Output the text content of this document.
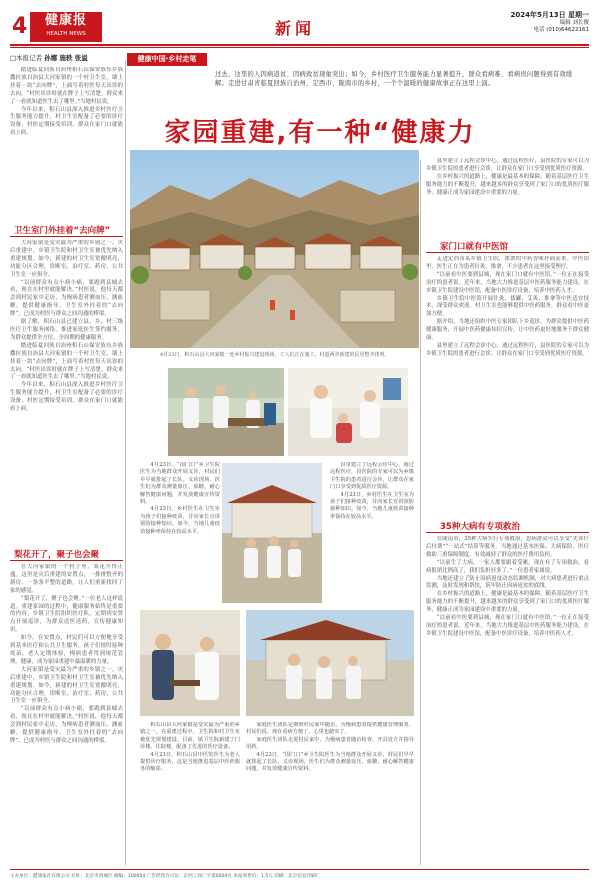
4	健康报
HEALTH NEWS	新闻
2024年5月13日 星期一
编辑 刘长俊
电话 (010)64622161
□本报记者 孙娜 施轶 张溢	健康中国·乡村走笔
过去，这里的人因病返贫、因病致贫现象突出；如今，乡村医疗卫生服务能力显著提升，群众看病难、看病贵问题得到有效缓解。走进甘肃省临夏回族自治州、定西市、陇南市的乡村，一个个温暖的健康故事正在这里上演。
家园重建,有一种“健康力

踏进临夏回族自治州积石山保安族东乡族撒拉族自治县大河家镇的一个村卫生室，墙上挂着一块“去向牌”，上面写着村医每天出诊的去向。“村医出诊时就在牌子上写清楚，群众来了一看就知道医生去了哪里。”当地村民说。

今年以来，积石山县深入推进乡村医疗卫生服务能力提升，村卫生室配备了必要的诊疗设备，村医定期接受培训，群众在家门口就能看上病。

卫生室门外挂着“去向牌”

大河家镇是受灾最为严重的乡镇之一。灾后重建中，乡镇卫生院和村卫生室被优先纳入重建规划。如今，新建的村卫生室宽敞明亮，功能分区合理，诊断室、治疗室、药房、公共卫生室一应俱全。

“以前群众有点小病小痛，要跑到县城去看，现在在村里就能解决。”村医说，他每天都会到村民家中走访，为慢病患者测血压、测血糖，提供健康指导。卫生室外挂着的“去向牌”，已成为村医与群众之间沟通的桥梁。

据了解，积石山县已建立县、乡、村三级医疗卫生服务网络，推进家庭医生签约服务，为群众提供全方位、全周期的健康服务。

踏进临夏回族自治州积石山保安族东乡族撒拉族自治县大河家镇的一个村卫生室，墙上挂着一块“去向牌”，上面写着村医每天出诊的去向。“村医出诊时就在牌子上写清楚，群众来了一看就知道医生去了哪里。”当地村民说。

今年以来，积石山县深入推进乡村医疗卫生服务能力提升，村卫生室配备了必要的诊疗设备，村医定期接受培训，群众在家门口就能看上病。

梨花开了，聚子也会聚

在大河家镇的一个村子里，梨花开得正盛。这里是灾后重建的安置点，一排排整齐的新房，一条条平整的道路，让人们重新找回了家的感觉。

“梨花开了，聚子也会聚。”一位老人这样说道。重建家园的过程中，健康服务始终是重要的内容。乡镇卫生院组织医疗队，定期到安置点开展巡诊，为群众送医送药，宣传健康知识。

如今，在安置点，村民们可以方便地享受到基本医疗和公共卫生服务，孩子们按时接种疫苗，老人定期体检，慢病患者得到规范管理。健康，成为家园重建中最温暖的力量。

大河家镇是受灾最为严重的乡镇之一。灾后重建中，乡镇卫生院和村卫生室被优先纳入重建规划。如今，新建的村卫生室宽敞明亮，功能分区合理，诊断室、治疗室、药房、公共卫生室一应俱全。

“以前群众有点小病小痛，要跑到县城去看，现在在村里就能解决。”村医说，他每天都会到村民家中走访，为慢病患者测血压、测血糖，提供健康指导。卫生室外挂着的“去向牌”，已成为村医与群众之间沟通的桥梁。

4月23日，积石山县大河家镇一处乡村振兴建设现场，工人们正在施工，村道两旁新建的民居整齐排列。

4月23日，“国门口”乡卫生院医生为当地群众开展义诊，村民们早早就排起了长队。义诊现场，医生们为群众测量血压、血糖，耐心解答健康问题，并发放健康宣传资料。

4月23日，乡村医生在卫生室为孩子们接种疫苗，并向家长宣讲预防接种知识。如今，当地儿童疫苗接种率保持在较高水平。

县里建立了远程会诊中心，通过远程医疗，县医院的专家可以为乡镇卫生院的患者进行会诊，让群众在家门口享受到优质医疗资源。

4月23日，乡村医生在卫生室为孩子们接种疫苗，并向家长宣讲预防接种知识。如今，当地儿童疫苗接种率保持在较高水平。

积石山县大河家镇是受灾最为严重的乡镇之一，在重建过程中，卫生院和村卫生室被优先规划建设。目前，镇卫生院新建了门诊楼、住院楼，配备了先进的医疗设备。

4月23日，积石山县中医馆医生为老人提供诊疗服务，这是当地推进基层中医药服务的缩影。

家庭医生团队定期到村民家中随访，为慢病患者提供健康管理服务。村民们说，现在看病方便了，心里也踏实了。

家庭医生团队走进村民家中，为慢病患者随访检查、开具处方并指导用药。

4月23日，“国门口”乡卫生院医生为当地群众开展义诊，村民们早早就排起了长队。义诊现场，医生们为群众测量血压、血糖，耐心解答健康问题，并发放健康宣传资料。

县里建立了远程会诊中心，通过远程医疗，县医院的专家可以为乡镇卫生院的患者进行会诊，让群众在家门口享受到优质医疗资源。

在乡村振兴的道路上，健康是最基本的保障。随着基层医疗卫生服务能力的不断提升，越来越多的群众享受到了家门口的优质医疗服务，健康正成为家园建设中重要的力量。

家门口就有中医馆

走进定西市某乡镇卫生院，浓浓的中药香味扑面而来。中医馆里，医生正在为患者针灸、推拿，不少患者在这里接受理疗。

“以前看中医要到县城，现在家门口就有中医馆。”一位正在接受治疗的患者说。近年来，当地大力推进基层中医药服务能力建设，在乡镇卫生院建设中医馆，配备中医诊疗设备，培养中医药人才。

乡镇卫生院中医馆开展针灸、拔罐、艾灸、推拿等中医适宜技术，深受群众欢迎。村卫生室也能够提供中医药服务，群众看中医更加方便。

据介绍，当地还组织中医专家团队下乡巡诊，为群众提供中医药健康服务，开展中医药健康知识宣传，让中医药更好地服务于群众健康。

县里建立了远程会诊中心，通过远程医疗，县医院的专家可以为乡镇卫生院的患者进行会诊，让群众在家门口享受到优质医疗资源。

35种大病有专项救治

在陇南市，35种大病实行专项救治，患病群众可以享受“先诊疗后付费”“一站式”结算等服务。当地通过基本医保、大病保险、医疗救助三重保障制度，有效减轻了群众的医疗费用负担。

“以前生了大病，一家人都要跟着受累。现在有了专项救治，看病报销比例高了，我们负担轻多了。”一位患者家属说。

当地还建立了防止因病返贫动态监测机制，对大病患者进行重点监测，及时发现和帮扶，筑牢防止因病返贫的底线。

在乡村振兴的道路上，健康是最基本的保障。随着基层医疗卫生服务能力的不断提升，越来越多的群众享受到了家门口的优质医疗服务，健康正成为家园建设中重要的力量。

“以前看中医要到县城，现在家门口就有中医馆。”一位正在接受治疗的患者说。近年来，当地大力推进基层中医药服务能力建设，在乡镇卫生院建设中医馆，配备中医诊疗设备，培养中医药人才。

主办单位：健康报社有限公司 社址：北京市西城区 邮编：100054 广告经营许可证：京西工商广字第0000号 本报零售价：1.5元 印刷：北京信息印刷厂
